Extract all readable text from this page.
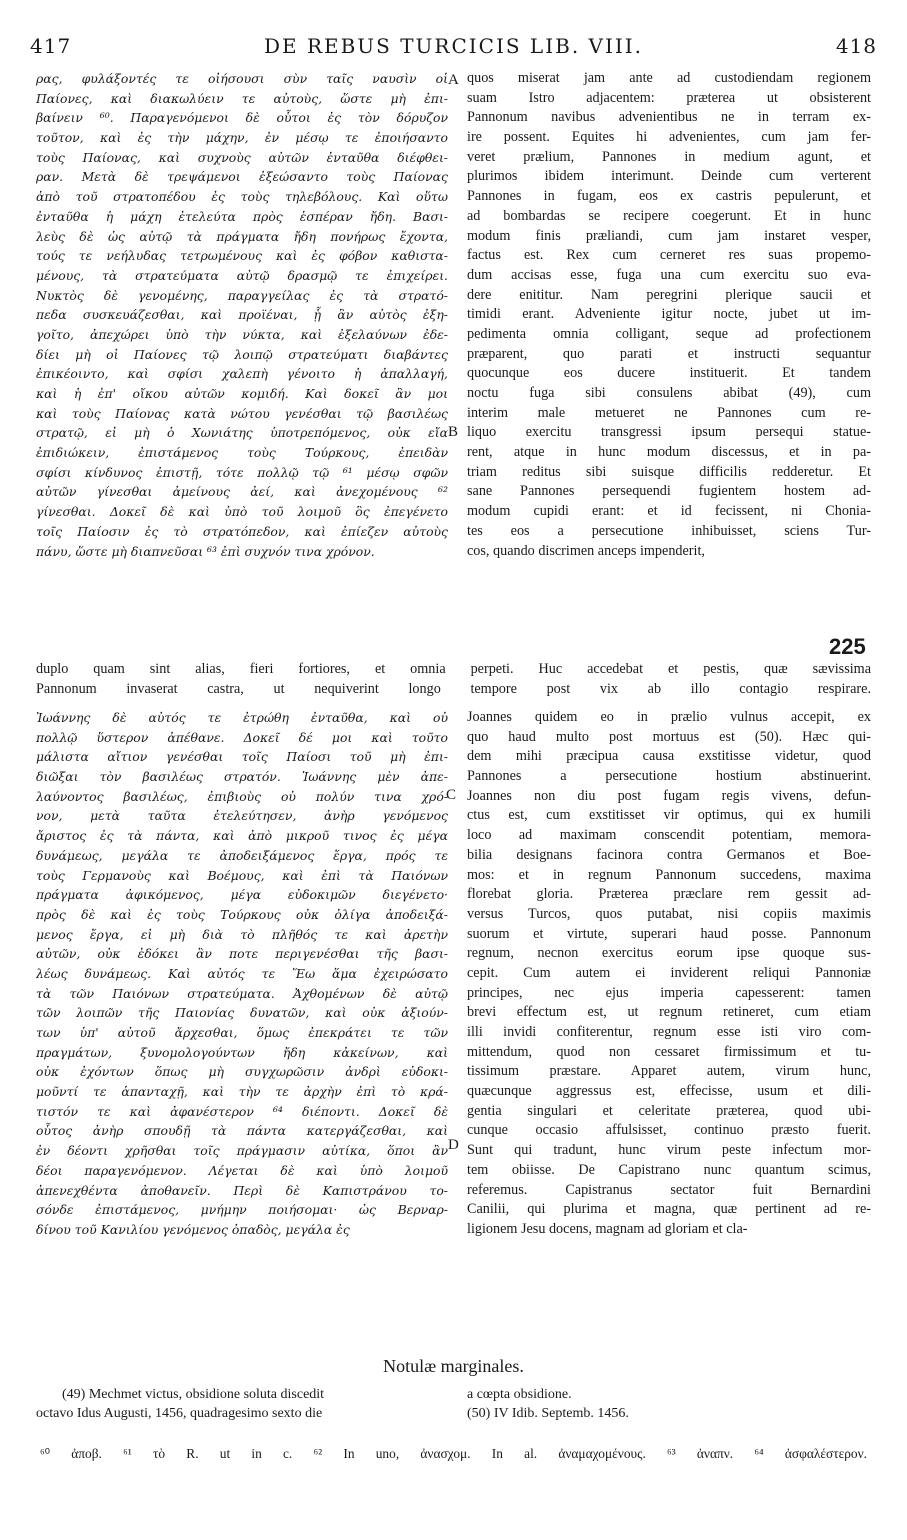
417	DE REBUS TURCICIS LIB. VIII.	418
ρας, φυλάξοντές τε οἰήσουσι σὺν ταῖς ναυσὶν οἱ
Παίονες, καὶ διακωλύειν τε αὐτοὺς, ὥστε μὴ ἐπι-
βαίνειν ⁶⁰. Παραγενόμενοι δὲ οὗτοι ἐς τὸν δόρυζον
τοῦτον, καὶ ἐς τὴν μάχην, ἐν μέσῳ τε ἐποιήσαντο
τοὺς Παίονας, καὶ συχνοὺς αὐτῶν ἐνταῦθα διέφθει-
ραν. Μετὰ δὲ τρεψάμενοι ἐξεώσαντο τοὺς Παίονας
ἀπὸ τοῦ στρατοπέδου ἐς τοὺς τηλεβόλους. Καὶ οὕτω
ἐνταῦθα ἡ μάχη ἐτελεύτα πρὸς ἑσπέραν ἤδη. Βασι-
λεὺς δὲ ὡς αὐτῷ τὰ πράγματα ἤδη πονήρως ἔχοντα,
τούς τε νεήλυδας τετρωμένους καὶ ἐς φόβον καθιστα-
μένους, τὰ στρατεύματα αὐτῷ δρασμῷ τε ἐπιχείρει.
Νυκτὸς δὲ γενομένης, παραγγείλας ἐς τὰ στρατό-
πεδα συσκευάζεσθαι, καὶ προϊέναι, ᾗ ἂν αὐτὸς ἐξη-
γοῖτο, ἀπεχώρει ὑπὸ τὴν νύκτα, καὶ ἐξελαύνων ἐδε-
δίει μὴ οἱ Παίονες τῷ λοιπῷ στρατεύματι διαβάντες
ἐπικέοιντο, καὶ σφίσι χαλεπὴ γένοιτο ἡ ἀπαλλαγή,
καὶ ἡ ἐπ' οἴκου αὐτῶν κομιδή. Καὶ δοκεῖ ἂν μοι
καὶ τοὺς Παίονας κατὰ νώτου γενέσθαι τῷ βασιλέως
στρατῷ, εἰ μὴ ὁ Χωνιάτης ὑποτρεπόμενος, οὐκ εἴα
ἐπιδιώκειν, ἐπιστάμενος τοὺς Τούρκους, ἐπειδὰν
σφίσι κίνδυνος ἐπιστῇ, τότε πολλῷ τῷ ⁶¹ μέσῳ σφῶν
αὐτῶν γίνεσθαι ἀμείνους ἀεί, καὶ ἀνεχομένους ⁶²
γίνεσθαι. Δοκεῖ δὲ καὶ ὑπὸ τοῦ λοιμοῦ ὃς ἐπεγένετο
τοῖς Παίοσιν ἐς τὸ στρατόπεδον, καὶ ἐπίεζεν αὐτοὺς
πάνυ, ὥστε μὴ διαπνεῦσαι ⁶³ ἐπὶ συχνόν τινα χρόνον.
quos miserat jam ante ad custodiendam regionem
suam Istro adjacentem: præterea ut obsisterent
Pannonum navibus advenientibus ne in terram ex-
ire possent. Equites hi advenientes, cum jam fer-
veret prælium, Pannones in medium agunt, et
plurimos ibidem interimunt. Deinde cum verterent
Pannones in fugam, eos ex castris pepulerunt, et
ad bombardas se recipere coegerunt. Et in hunc
modum finis præliandi, cum jam instaret vesper,
factus est. Rex cum cerneret res suas propemo-
dum accisas esse, fuga una cum exercitu suo eva-
dere enititur. Nam peregrini plerique saucii et
timidi erant. Adveniente igitur nocte, jubet ut im-
pedimenta omnia colligant, seque ad profectionem
præparent, quo parati et instructi sequantur
quocunque eos ducere instituerit. Et tandem
noctu fuga sibi consulens abibat (49), cum
interim male metueret ne Pannones cum re-
liquo exercitu transgressi ipsum persequi statue-
rent, atque in hunc modum discessus, et in pa-
triam reditus sibi suisque difficilis redderetur. Et
sane Pannones persequendi fugientem hostem ad-
modum cupidi erant: et id fecissent, ni Chonia-
tes eos a persecutione inhibuisset, sciens Tur-
cos, quando discrimen anceps impenderit,
A
B
225
duplo quam sint alias, fieri fortiores, et omnia perpeti. Huc accedebat et pestis, quæ sævissima
Pannonum invaserat castra, ut nequiverint longo tempore post vix ab illo contagio respirare.
Ἰωάννης δὲ αὐτός τε ἐτρώθη ἐνταῦθα, καὶ οὐ
πολλῷ ὕστερον ἀπέθανε. Δοκεῖ δέ μοι καὶ τοῦτο
μάλιστα αἴτιον γενέσθαι τοῖς Παίοσι τοῦ μὴ ἐπι-
διῶξαι τὸν βασιλέως στρατόν. Ἰωάννης μὲν ἀπε-
λαύνοντος βασιλέως, ἐπιβιοὺς οὐ πολύν τινα χρό-
νον, μετὰ ταῦτα ἐτελεύτησεν, ἀνὴρ γενόμενος
ἄριστος ἐς τὰ πάντα, καὶ ἀπὸ μικροῦ τινος ἐς μέγα
δυνάμεως, μεγάλα τε ἀποδειξάμενος ἔργα, πρός τε
τοὺς Γερμανοὺς καὶ Βοέμους, καὶ ἐπὶ τὰ Παιόνων
πράγματα ἀφικόμενος, μέγα εὐδοκιμῶν διεγένετο·
πρὸς δὲ καὶ ἐς τοὺς Τούρκους οὐκ ὀλίγα ἀποδειξά-
μενος ἔργα, εἰ μὴ διὰ τὸ πλῆθός τε καὶ ἀρετὴν
αὐτῶν, οὐκ ἐδόκει ἂν ποτε περιγενέσθαι τῆς βασι-
λέως δυνάμεως. Καὶ αὐτός τε Ἕω ἅμα ἐχειρώσατο
τὰ τῶν Παιόνων στρατεύματα. Ἀχθομένων δὲ αὐτῷ
τῶν λοιπῶν τῆς Παιονίας δυνατῶν, καὶ οὐκ ἀξιούν-
των ὑπ' αὐτοῦ ἄρχεσθαι, ὅμως ἐπεκράτει τε τῶν
πραγμάτων, ξυνομολογούντων ἤδη κἀκείνων, καὶ
οὐκ ἐχόντων ὅπως μὴ συγχωρῶσιν ἀνδρὶ εὐδοκι-
μοῦντί τε ἁπανταχῇ, καὶ τὴν τε ἀρχὴν ἐπὶ τὸ κρά-
τιστόν τε καὶ ἀφανέστερον ⁶⁴ διέποντι. Δοκεῖ δὲ
οὗτος ἀνὴρ σπουδῇ τὰ πάντα κατεργάζεσθαι, καὶ
ἐν δέοντι χρῆσθαι τοῖς πράγμασιν αὐτίκα, ὅποι ἂν
δέοι παραγενόμενον. Λέγεται δὲ καὶ ὑπὸ λοιμοῦ
ἀπενεχθέντα ἀποθανεῖν. Περὶ δὲ Καπιστράνου το-
σόνδε ἐπιστάμενος, μνήμην ποιήσομαι· ὡς Βερναρ-
δίνου τοῦ Κανιλίου γενόμενος ὀπαδὸς, μεγάλα ἐς
Joannes quidem eo in prælio vulnus accepit, ex
quo haud multo post mortuus est (50). Hæc qui-
dem mihi præcipua causa exstitisse videtur, quod
Pannones a persecutione hostium abstinuerint.
Joannes non diu post fugam regis vivens, defun-
ctus est, cum exstitisset vir optimus, qui ex humili
loco ad maximam conscendit potentiam, memora-
bilia designans facinora contra Germanos et Boe-
mos: et in regnum Pannonum succedens, maxima
florebat gloria. Præterea præclare rem gessit ad-
versus Turcos, quos putabat, nisi copiis maximis
suorum et virtute, superari haud posse. Pannonum
regnum, necnon exercitus eorum ipse quoque sus-
cepit. Cum autem ei inviderent reliqui Pannoniæ
principes, nec ejus imperia capesserent: tamen
brevi effectum est, ut regnum retineret, cum etiam
illi invidi confiterentur, regnum esse isti viro com-
mittendum, quod non cessaret firmissimum et tu-
tissimum præstare. Apparet autem, virum hunc,
quæcunque aggressus est, effecisse, usum et dili-
gentia singulari et celeritate præterea, quod ubi-
cunque occasio affulsisset, continuo præsto fuerit.
Sunt qui tradunt, hunc virum peste infectum mor-
tem obiisse. De Capistrano nunc quantum scimus,
referemus. Capistranus sectator fuit Bernardini
Canilii, qui plurima et magna, quæ pertinent ad re-
ligionem Jesu docens, magnam ad gloriam et cla-
C
D
Notulæ marginales.
(49) Mechmet victus, obsidione soluta discedit
octavo Idus Augusti, 1456, quadragesimo sexto die
a cœpta obsidione.
(50) IV Idib. Septemb. 1456.
⁶⁰ ἀποβ. ⁶¹ τὸ R. ut in c. ⁶² In uno, ἀνασχομ. In al. ἀναμαχομένους. ⁶³ ἀναπν. ⁶⁴ ἀσφαλέστερον.
